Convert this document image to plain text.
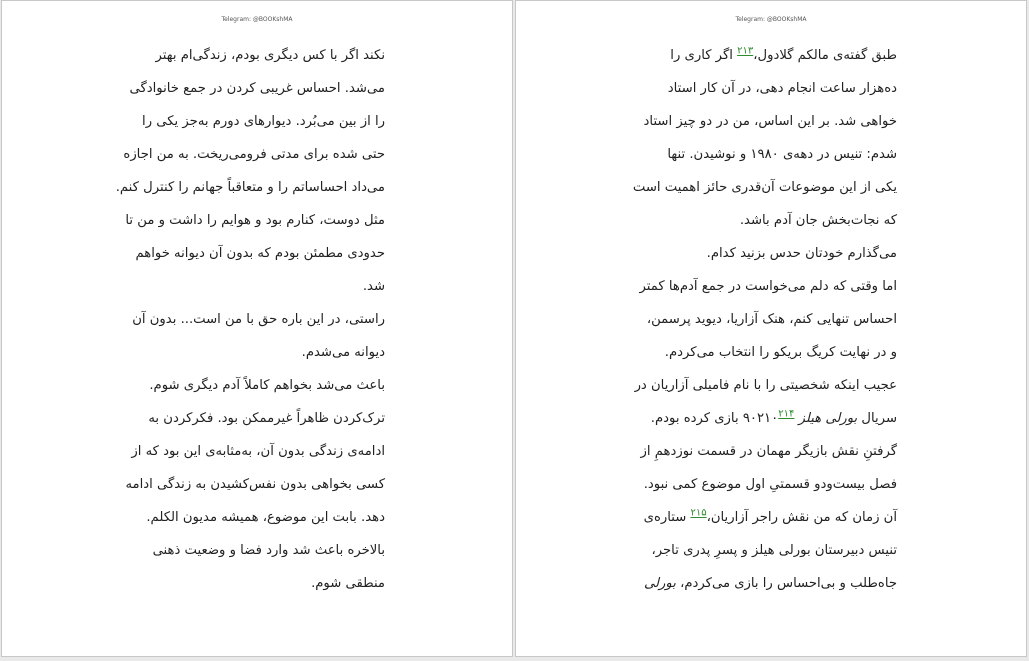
Telegram: @BOOKshMA
نکند اگر با کس دیگری بودم، زندگی‌ام بهتر
می‌شد. احساس غریبی کردن در جمع خانوادگی
را از بین می‌بُرد. دیوارهای دورم به‌جز یکی را
حتی شده برای مدتی فرومی‌ریخت. به من اجازه
می‌داد احساساتم را و متعاقباً جهانم را کنترل کنم.
مثل دوست، کنارم بود و هوایم را داشت و من تا
حدودی مطمئن بودم که بدون آن دیوانه خواهم
شد.
راستی، در این باره حق با من است... بدون آن
دیوانه می‌شدم.
باعث می‌شد بخواهم کاملاً آدم دیگری شوم.
ترک‌کردن ظاهراً غیرممکن بود. فکرکردن به
ادامه‌ی زندگی بدون آن، به‌مثابه‌ی این بود که از
کسی بخواهی بدون نفس‌کشیدن به زندگی ادامه
دهد. بابت این موضوع، همیشه مدیون الکلم.
بالاخره باعث شد وارد فضا و وضعیت ذهنی
منطقی شوم.
Telegram: @BOOKshMA
طبق گفته‌ی مالکم گلادول،$^{۲۱۳}$ اگر کاری را
ده‌هزار ساعت انجام دهی، در آن کار استاد
خواهی شد. بر این اساس، من در دو چیز استاد
شدم: تنیس در دهه‌ی ۱۹۸۰ و نوشیدن. تنها
یکی از این موضوعات آن‌قدری حائز اهمیت است
که نجات‌بخش جان آدم باشد.
می‌گذارم خودتان حدس بزنید کدام.
اما وقتی که دلم می‌خواست در جمع آدم‌ها کمتر
احساس تنهایی کنم، هنک آزاریا، دیوید پرسمن،
و در نهایت کریگ بریکو را انتخاب می‌کردم.
عجیب اینکه شخصیتی را با نام فامیلی آزاریان در
سریال بورلی هیلز ۹۰۲۱۰$^{۲۱۴}$ بازی کرده بودم.
گرفتنِ نقش بازیگر مهمان در قسمت نوزدهمِ از
فصل بیست‌ودو قسمتیِ اول موضوع کمی نبود.
آن زمان که من نقش راجر آزاریان،$^{۲۱۵}$ ستاره‌ی
تنیس دبیرستان بورلی هیلز و پسرِ پدری تاجر،
جاه‌طلب و بی‌احساس را بازی می‌کردم، بورلی
